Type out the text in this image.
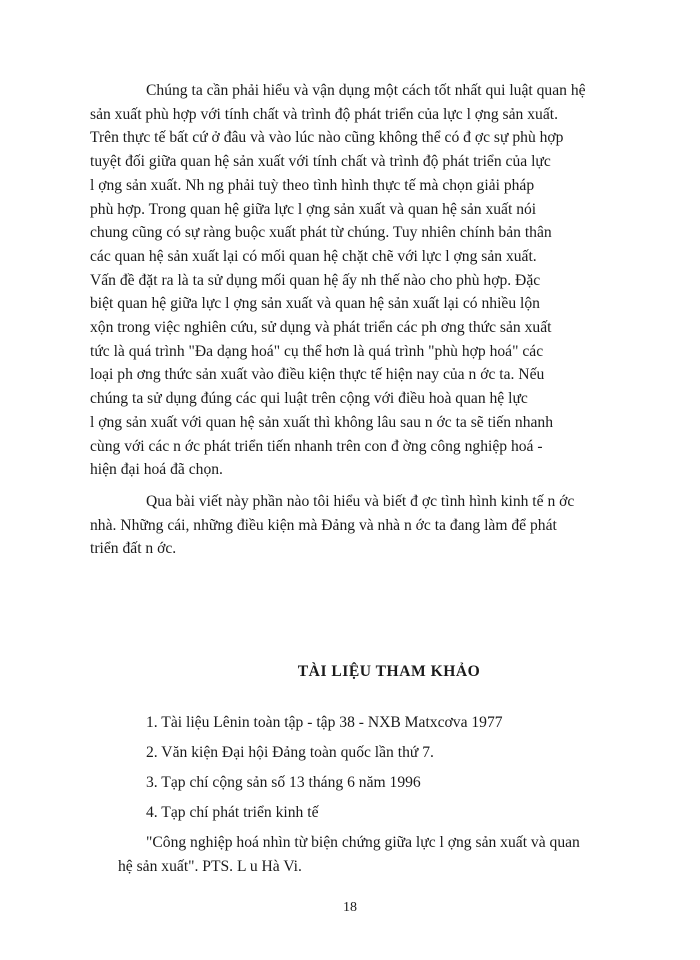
Chúng ta cần phải hiểu và vận dụng một cách tốt nhất qui luật quan hệ
sản xuất phù hợp với tính chất và trình độ phát triển của lực l ợng sản xuất.
Trên thực tế bất cứ ở đâu và vào lúc nào cũng không thể có đ ợc sự phù hợp
tuyệt đối giữa quan hệ sản xuất với tính chất và trình độ phát triển của lực
l ợng sản xuất. Nh ng phải tuỳ theo tình hình thực tế mà chọn giải pháp
phù hợp. Trong quan hệ giữa lực l ợng sản xuất và quan hệ sản xuất nói
chung cũng có sự ràng buộc xuất phát từ chúng. Tuy nhiên chính bản thân
các quan hệ sản xuất lại có mối quan hệ chặt chẽ với lực l ợng sản xuất.
Vấn đề đặt ra là ta sử dụng mối quan hệ ấy nh thế nào cho phù hợp. Đặc
biệt quan hệ giữa lực l ợng sản xuất và quan hệ sản xuất lại có nhiều lộn
xộn trong việc nghiên cứu, sử dụng và phát triển các ph ơng thức sản xuất
tức là quá trình "Đa dạng hoá" cụ thể hơn là quá trình "phù hợp hoá" các
loại ph ơng thức sản xuất vào điều kiện thực tế hiện nay của n ớc ta. Nếu
chúng ta sử dụng đúng các qui luật trên cộng với điều hoà quan hệ lực
l ợng sản xuất với quan hệ sản xuất thì không lâu sau n ớc ta sẽ tiến nhanh
cùng với các n ớc phát triển tiến nhanh trên con đ ờng công nghiệp hoá -
hiện đại hoá đã chọn.

Qua bài viết này phần nào tôi hiểu và biết đ ợc tình hình kinh tế n ớc
nhà. Những cái, những điều kiện mà Đảng và nhà n ớc ta đang làm để phát
triển đất n ớc.

TÀI LIỆU THAM KHẢO
1. Tài liệu Lênin toàn tập - tập 38 - NXB Matxcơva 1977
2. Văn kiện Đại hội Đảng toàn quốc lần thứ 7.
3. Tạp chí cộng sản số 13 tháng 6 năm 1996
4. Tạp chí phát triển kinh tế
"Công nghiệp hoá nhìn từ biện chứng giữa lực l ợng sản xuất và quan
hệ sản xuất". PTS. L u Hà Vi.
18
